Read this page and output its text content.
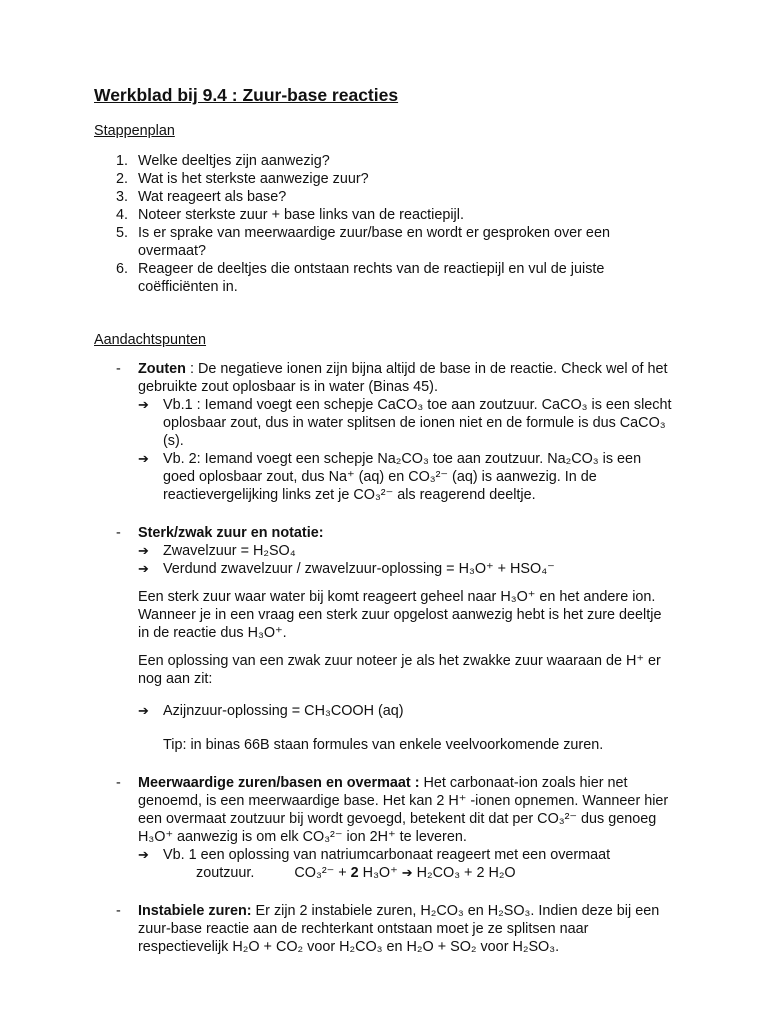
Werkblad bij 9.4 : Zuur-base reacties
Stappenplan
1. Welke deeltjes zijn aanwezig?
2. Wat is het sterkste aanwezige zuur?
3. Wat reageert als base?
4. Noteer sterkste zuur + base links van de reactiepijl.
5. Is er sprake van meerwaardige zuur/base en wordt er gesproken over een overmaat?
6. Reageer de deeltjes die ontstaan rechts van de reactiepijl en vul de juiste coëfficiënten in.
Aandachtspunten
- Zouten : De negatieve ionen zijn bijna altijd de base in de reactie. Check wel of het gebruikte zout oplosbaar is in water (Binas 45).
➔ Vb.1 : Iemand voegt een schepje CaCO₃ toe aan zoutzuur. CaCO₃ is een slecht oplosbaar zout, dus in water splitsen de ionen niet en de formule is dus CaCO₃ (s).
➔ Vb. 2: Iemand voegt een schepje Na₂CO₃ toe aan zoutzuur. Na₂CO₃ is een goed oplosbaar zout, dus Na⁺ (aq) en CO₃²⁻ (aq) is aanwezig. In de reactievergelijking links zet je CO₃²⁻ als reagerend deeltje.
- Sterk/zwak zuur en notatie:
➔ Zwavelzuur = H₂SO₄
➔ Verdund zwavelzuur / zwavelzuur-oplossing = H₃O⁺ + HSO₄⁻
Een sterk zuur waar water bij komt reageert geheel naar H₃O⁺ en het andere ion. Wanneer je in een vraag een sterk zuur opgelost aanwezig hebt is het zure deeltje in de reactie dus H₃O⁺.
Een oplossing van een zwak zuur noteer je als het zwakke zuur waaraan de H⁺ er nog aan zit:
➔ Azijnzuur-oplossing = CH₃COOH (aq)
Tip: in binas 66B staan formules van enkele veelvoorkomende zuren.
- Meerwaardige zuren/basen en overmaat : Het carbonaat-ion zoals hier net genoemd, is een meerwaardige base. Het kan 2 H⁺ -ionen opnemen. Wanneer hier een overmaat zoutzuur bij wordt gevoegd, betekent dit dat per CO₃²⁻ dus genoeg H₃O⁺ aanwezig is om elk CO₃²⁻ ion 2H⁺ te leveren.
➔ Vb. 1 een oplossing van natriumcarbonaat reageert met een overmaat
zoutzuur.	CO₃²⁻ + 2 H₃O⁺ ➔ H₂CO₃ + 2 H₂O
- Instabiele zuren: Er zijn 2 instabiele zuren, H₂CO₃ en H₂SO₃. Indien deze bij een zuur-base reactie aan de rechterkant ontstaan moet je ze splitsen naar respectievelijk H₂O + CO₂ voor H₂CO₃ en H₂O + SO₂ voor H₂SO₃.
